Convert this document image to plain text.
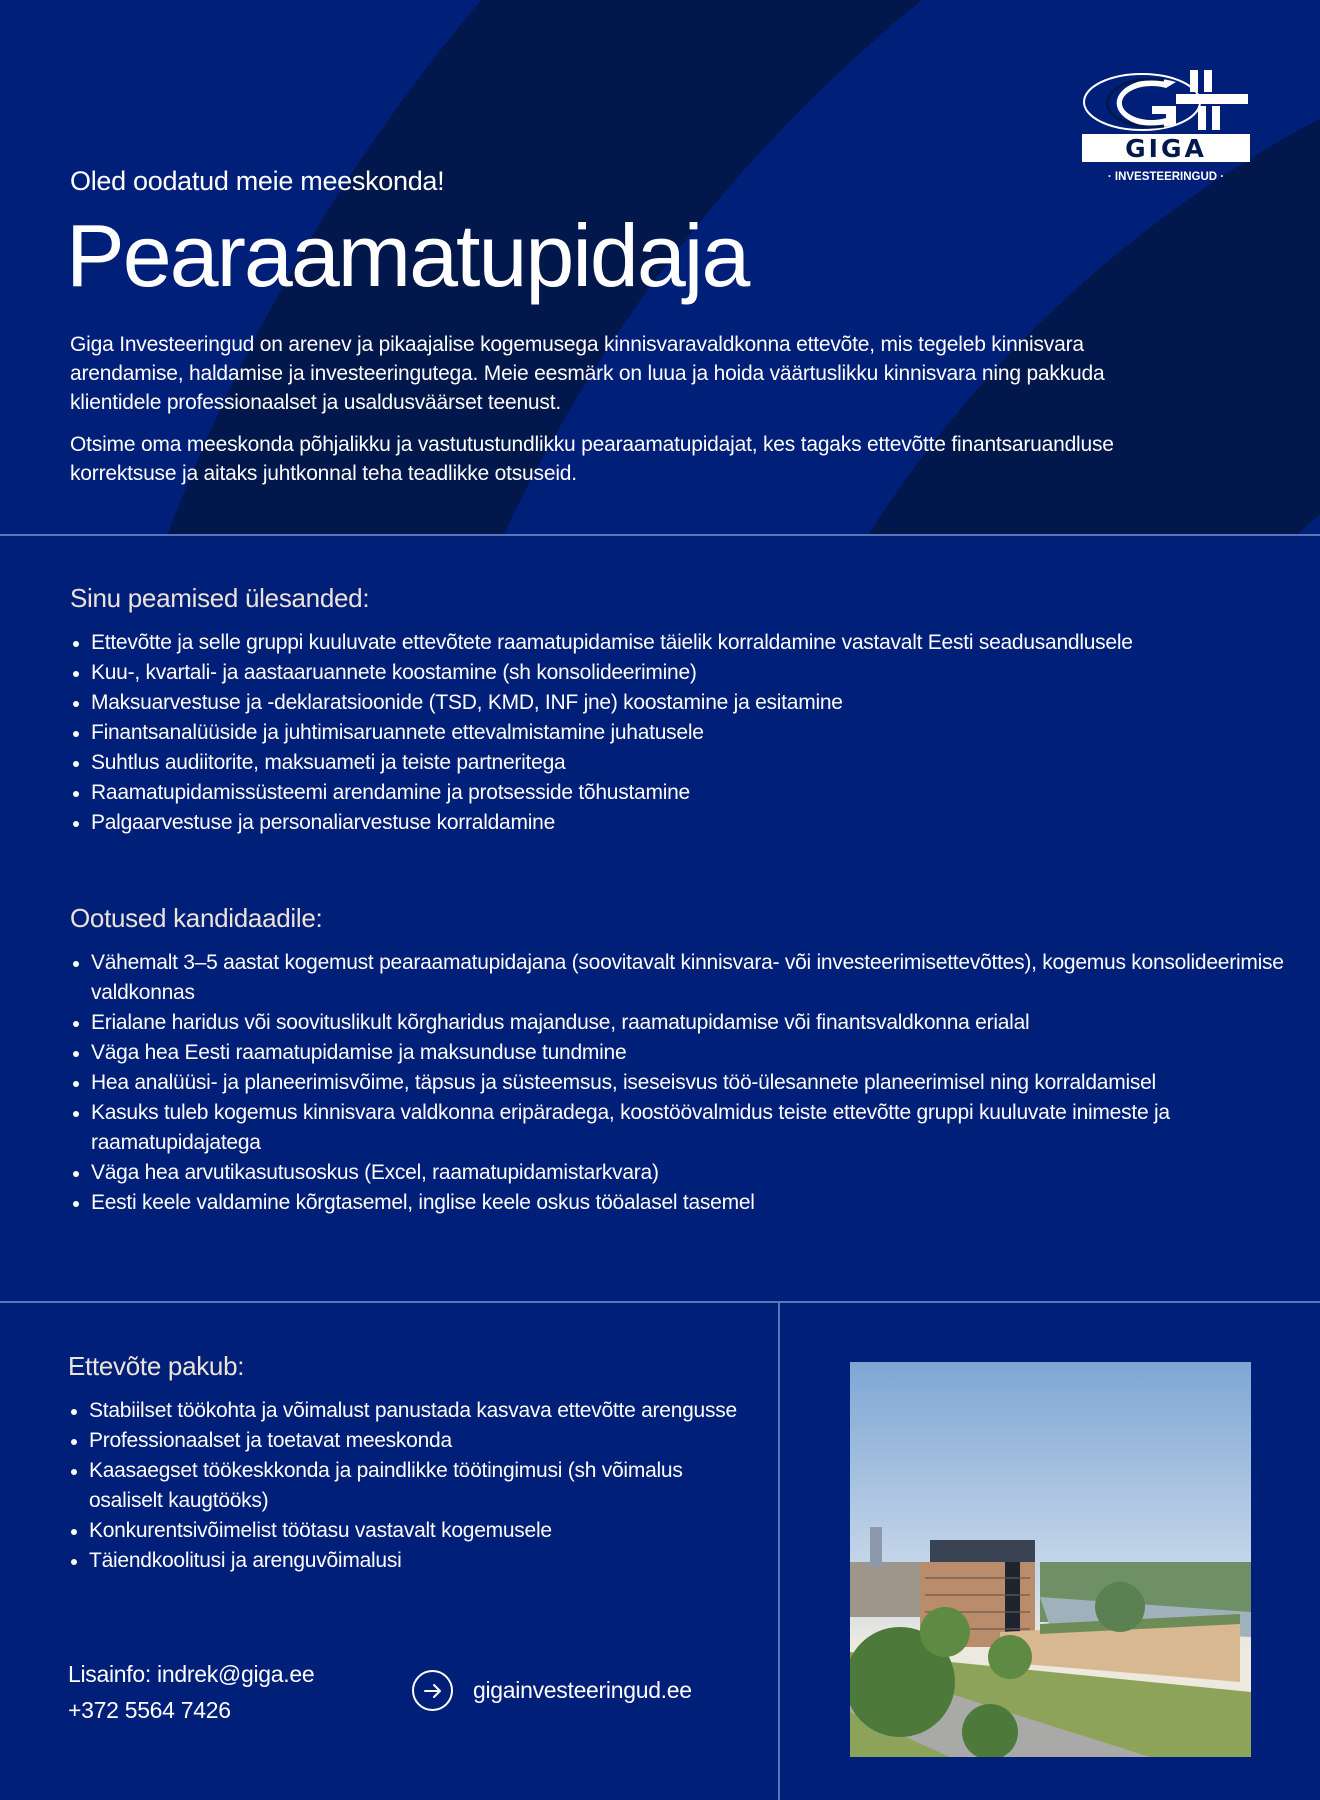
GIGA
· INVESTEERINGUD ·
Oled oodatud meie meeskonda!
Pearaamatupidaja

Giga Investeeringud on arenev ja pikaajalise kogemusega kinnisvaravaldkonna ettevõte, mis tegeleb kinnisvara arendamise, haldamise ja investeeringutega. Meie eesmärk on luua ja hoida väärtuslikku kinnisvara ning pakkuda klientidele professionaalset ja usaldusväärset teenust.

Otsime oma meeskonda põhjalikku ja vastutustundlikku pearaamatupidajat, kes tagaks ettevõtte finantsaruandluse korrektsuse ja aitaks juhtkonnal teha teadlikke otsuseid.

Sinu peamised ülesanded:
Ettevõtte ja selle gruppi kuuluvate ettevõtete raamatupidamise täielik korraldamine vastavalt Eesti seadusandlusele
Kuu-, kvartali- ja aastaaruannete koostamine (sh konsolideerimine)
Maksuarvestuse ja -deklaratsioonide (TSD, KMD, INF jne) koostamine ja esitamine
Finantsanalüüside ja juhtimisaruannete ettevalmistamine juhatusele
Suhtlus audiitorite, maksuameti ja teiste partneritega
Raamatupidamissüsteemi arendamine ja protsesside tõhustamine
Palgaarvestuse ja personaliarvestuse korraldamine
Ootused kandidaadile:
Vähemalt 3–5 aastat kogemust pearaamatupidajana (soovitavalt kinnisvara- või investeerimisettevõttes), kogemus konsolideerimise valdkonnas
Erialane haridus või soovituslikult kõrgharidus majanduse, raamatupidamise või finantsvaldkonna erialal
Väga hea Eesti raamatupidamise ja maksunduse tundmine
Hea analüüsi- ja planeerimisvõime, täpsus ja süsteemsus, iseseisvus töö-ülesannete planeerimisel ning korraldamisel
Kasuks tuleb kogemus kinnisvara valdkonna eripäradega, koostöövalmidus teiste ettevõtte gruppi kuuluvate inimeste ja raamatupidajatega
Väga hea arvutikasutusoskus (Excel, raamatupidamistarkvara)
Eesti keele valdamine kõrgtasemel, inglise keele oskus tööalasel tasemel
Ettevõte pakub:
Stabiilset töökohta ja võimalust panustada kasvava ettevõtte arengusse
Professionaalset ja toetavat meeskonda
Kaasaegset töökeskkonda ja paindlikke töötingimusi (sh võimalus osaliselt kaugtööks)
Konkurentsivõimelist töötasu vastavalt kogemusele
Täiendkoolitusi ja arenguvõimalusi
Lisainfo: indrek@giga.ee
+372 5564 7426
gigainvesteeringud.ee
